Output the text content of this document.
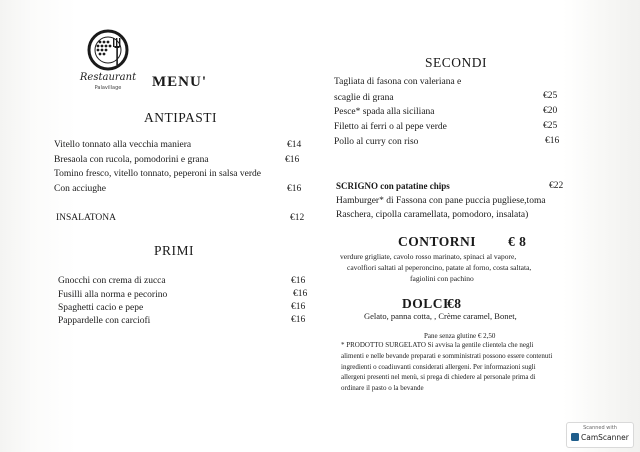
Restaurant
Palavillage	MENU'
ANTIPASTI
Vitello tonnato alla vecchia maniera	€14
Bresaola con rucola, pomodorini e grana	€16
Tomino fresco, vitello tonnato, peperoni in salsa verde
Con acciughe	€16
INSALATONA	€12
PRIMI
Gnocchi con crema di zucca	€16
Fusilli alla norma e pecorino	€16
Spaghetti cacio e pepe	€16
Pappardelle con carciofi	€16
SECONDI
Tagliata di fasona con valeriana e
scaglie di grana	€25
Pesce* spada alla siciliana	€20
Filetto ai ferri o al pepe verde	€25
Pollo al curry con riso	€16
SCRIGNO con patatine chips	€22
Hamburger* di Fassona con pane puccia pugliese,toma
Raschera, cipolla caramellata, pomodoro, insalata)
CONTORNI € 8
verdure grigliate, cavolo rosso marinato, spinaci al vapore,
cavolfiori saltati al peperoncino, patate al forno, costa saltata,
fagiolini con pachino
DOLCI
€8
Gelato, panna cotta, , Crème caramel, Bonet,
Pane senza glutine € 2,50
* PRODOTTO SURGELATO Si avvisa la gentile clientela che negli
alimenti e nelle bevande preparati e somministrati possono essere contenuti
ingredienti o coadiuvanti considerati allergeni. Per informazioni sugli
allergeni presenti nel menù, si prega di chiedere al personale prima di
ordinare il pasto o la bevande
Scanned with
CamScanner
